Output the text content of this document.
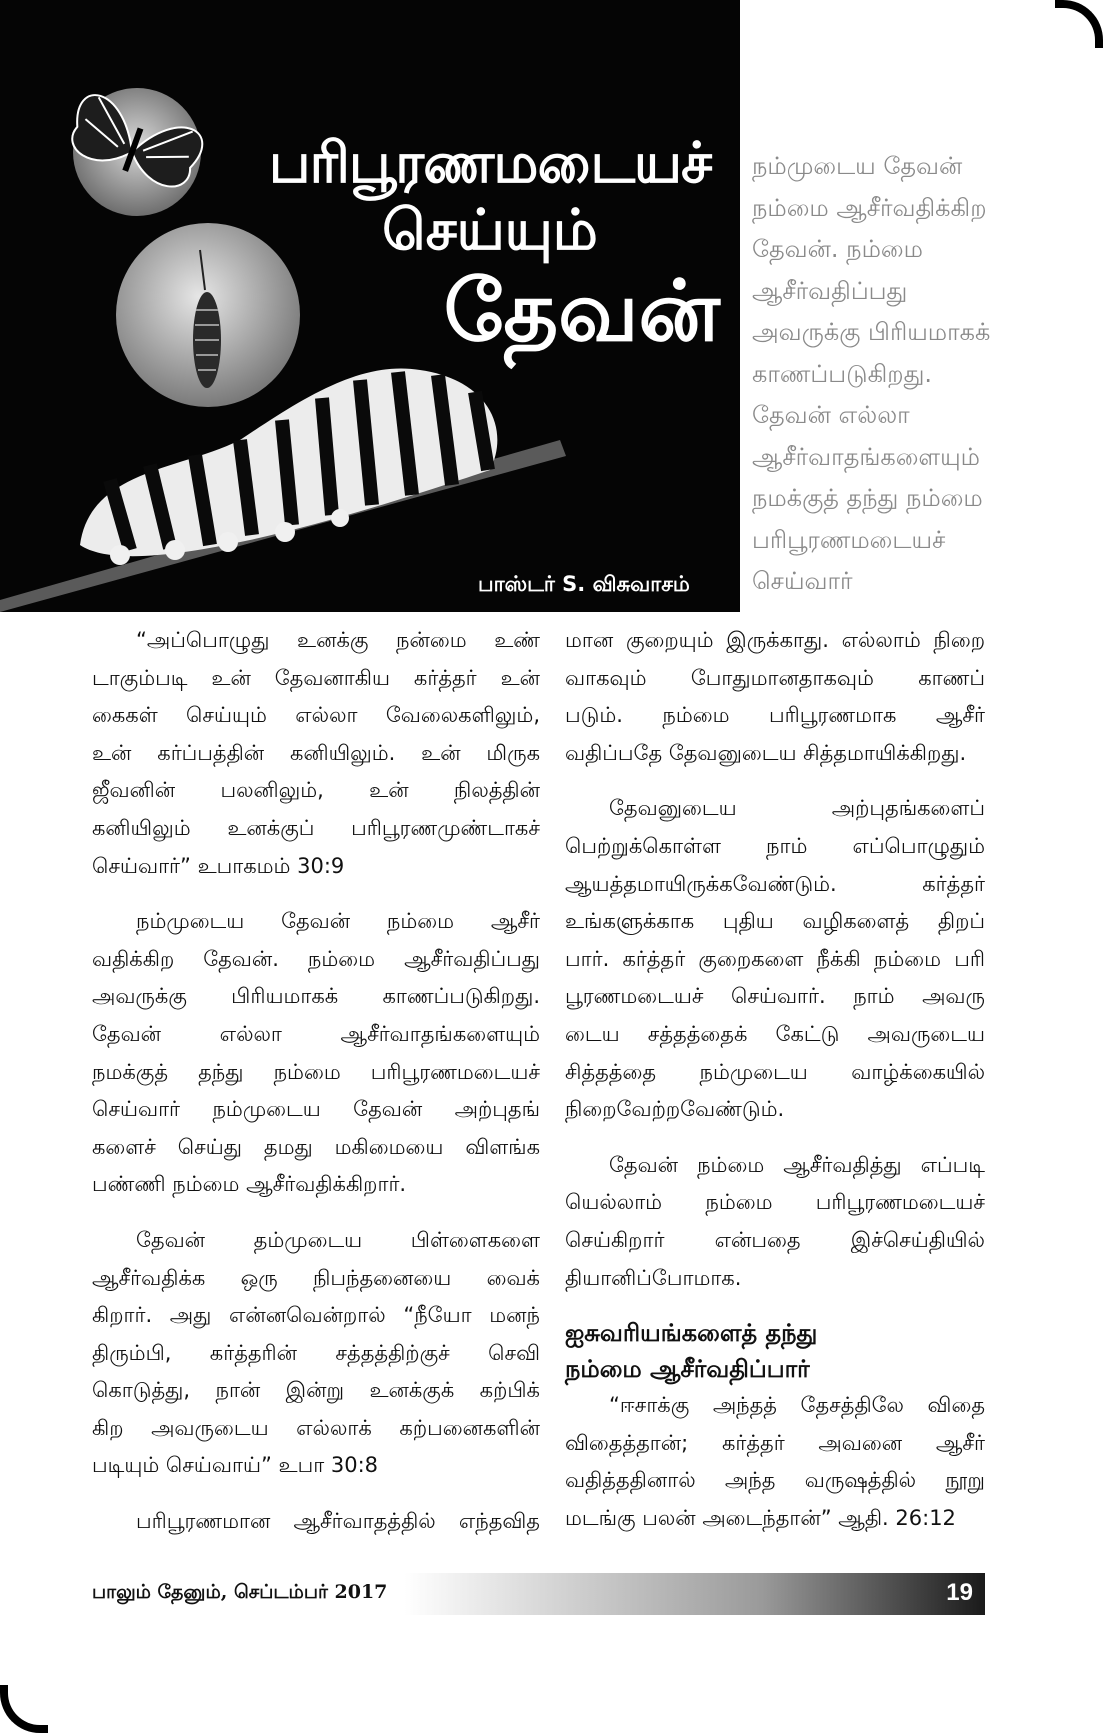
பரிபூரணமடையச்
செய்யும்
தேவன்
பாஸ்டர் S. விசுவாசம்
நம்முடைய தேவன்
நம்மை ஆசீர்வதிக்கிற
தேவன். நம்மை
ஆசீர்வதிப்பது
அவருக்கு பிரியமாகக்
காணப்படுகிறது.
தேவன் எல்லா
ஆசீர்வாதங்களையும்
நமக்குத் தந்து நம்மை
பரிபூரணமடையச்
செய்வார்

“அப்பொழுது உனக்கு நன்மை உண்
டாகும்படி உன் தேவனாகிய கர்த்தர் உன்
கைகள் செய்யும் எல்லா வேலைகளிலும்,
உன் கர்ப்பத்தின் கனியிலும். உன் மிருக
ஜீவனின் பலனிலும், உன் நிலத்தின்
கனியிலும் உனக்குப் பரிபூரணமுண்டாகச்
செய்வார்” உபாகமம் 30:9

நம்முடைய தேவன் நம்மை ஆசீர்
வதிக்கிற தேவன். நம்மை ஆசீர்வதிப்பது
அவருக்கு பிரியமாகக் காணப்படுகிறது.
தேவன் எல்லா ஆசீர்வாதங்களையும்
நமக்குத் தந்து நம்மை பரிபூரணமடையச்
செய்வார் நம்முடைய தேவன் அற்புதங்
களைச் செய்து தமது மகிமையை விளங்க
பண்ணி நம்மை ஆசீர்வதிக்கிறார்.

தேவன் தம்முடைய பிள்ளைகளை
ஆசீர்வதிக்க ஒரு நிபந்தனையை வைக்
கிறார். அது என்னவென்றால் “நீயோ மனந்
திரும்பி, கர்த்தரின் சத்தத்திற்குச் செவி
கொடுத்து, நான் இன்று உனக்குக் கற்பிக்
கிற அவருடைய எல்லாக் கற்பனைகளின்
படியும் செய்வாய்” உபா 30:8

பரிபூரணமான ஆசீர்வாதத்தில் எந்தவித

மான குறையும் இருக்காது. எல்லாம் நிறை
வாகவும் போதுமானதாகவும் காணப்
படும். நம்மை பரிபூரணமாக ஆசீர்
வதிப்பதே தேவனுடைய சித்தமாயிக்கிறது.

தேவனுடைய அற்புதங்களைப்
பெற்றுக்கொள்ள நாம் எப்பொழுதும்
ஆயத்தமாயிருக்கவேண்டும். கர்த்தர்
உங்களுக்காக புதிய வழிகளைத் திறப்
பார். கர்த்தர் குறைகளை நீக்கி நம்மை பரி
பூரணமடையச் செய்வார். நாம் அவரு
டைய சத்தத்தைக் கேட்டு அவருடைய
சித்தத்தை நம்முடைய வாழ்க்கையில்
நிறைவேற்றவேண்டும்.

தேவன் நம்மை ஆசீர்வதித்து எப்படி
யெல்லாம் நம்மை பரிபூரணமடையச்
செய்கிறார் என்பதை இச்செய்தியில்
தியானிப்போமாக.

ஐசுவரியங்களைத் தந்து
நம்மை ஆசீர்வதிப்பார்

“ஈசாக்கு அந்தத் தேசத்திலே விதை
விதைத்தான்; கர்த்தர் அவனை ஆசீர்
வதித்ததினால் அந்த வருஷத்தில் நூறு
மடங்கு பலன் அடைந்தான்” ஆதி. 26:12

பாலும் தேனும், செப்டம்பர் 2017	19
